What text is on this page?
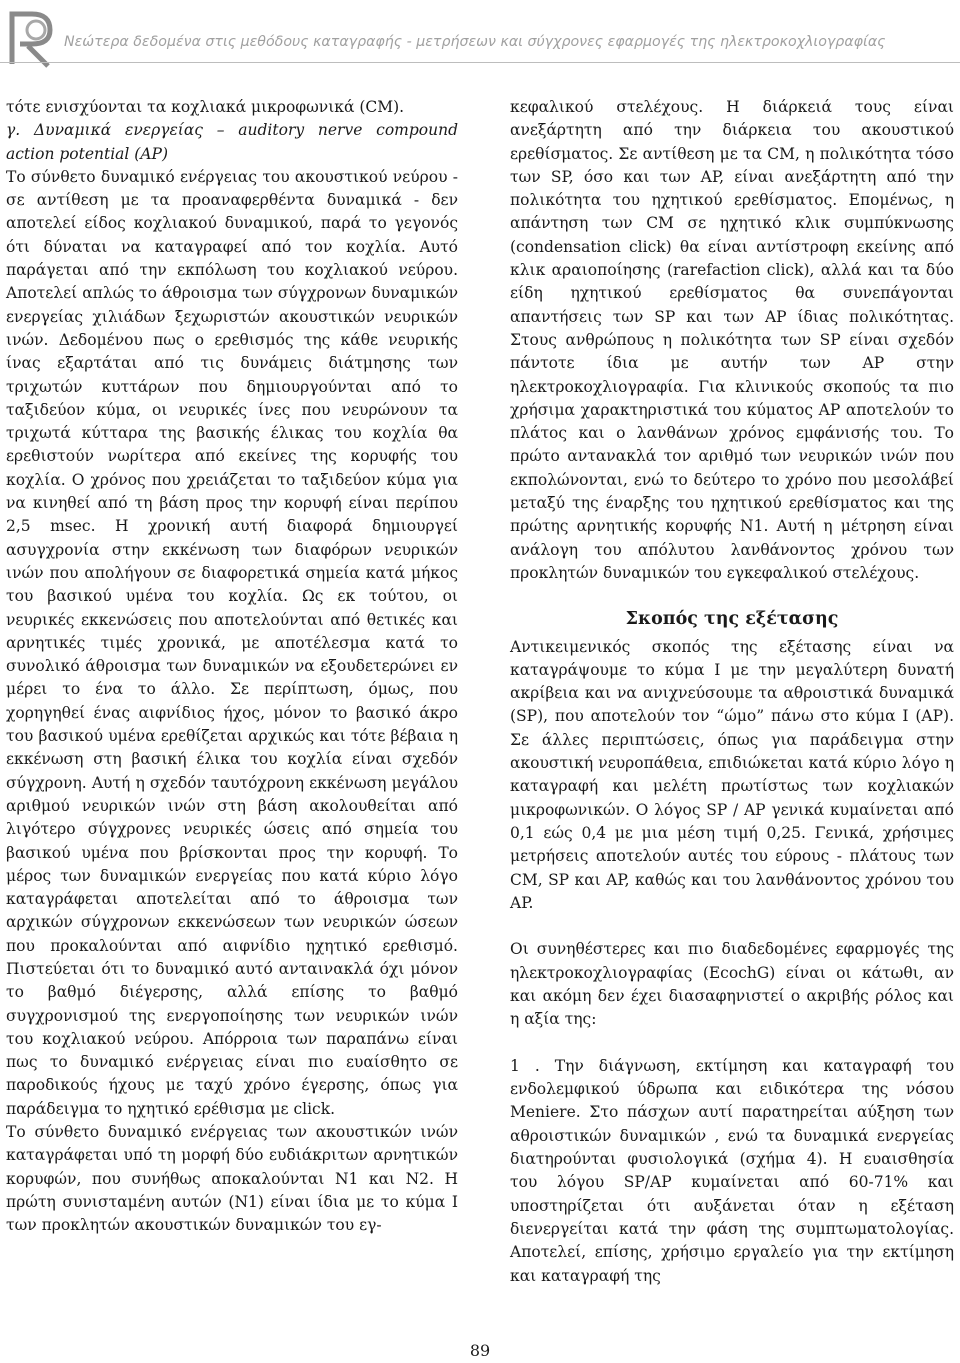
Νεώτερα δεδομένα στις μεθόδους καταγραφής - μετρήσεων και σύγχρονες εφαρμογές της ηλεκτροκοχλιογραφίας

τότε ενισχύονται τα κοχλιακά μικροφωνικά (CM).

γ. Δυναμικά ενεργείας – auditory nerve compound action potential (AP)

Το σύνθετο δυναμικό ενέργειας του ακουστικού νεύρου - σε αντίθεση με τα προαναφερθέντα δυναμικά - δεν αποτελεί είδος κοχλιακού δυναμικού, παρά το γεγονός ότι δύναται να καταγραφεί από τον κοχλία. Αυτό παράγεται από την εκπόλωση του κοχλιακού νεύρου. Αποτελεί απλώς το άθροισμα των σύγχρονων δυναμικών ενεργείας χιλιάδων ξεχωριστών ακουστικών νευρικών ινών. Δεδομένου πως ο ερεθισμός της κάθε νευρικής ίνας εξαρτάται από τις δυνάμεις διάτμησης των τριχωτών κυττάρων που δημιουργούνται από το ταξιδεύον κύμα, οι νευρικές ίνες που νευρώνουν τα τριχωτά κύτταρα της βασικής έλικας του κοχλία θα ερεθιστούν νωρίτερα από εκείνες της κορυφής του κοχλία. Ο χρόνος που χρειάζεται το ταξιδεύον κύμα για να κινηθεί από τη βάση προς την κορυφή είναι περίπου 2,5 msec. Η χρονική αυτή διαφορά δημιουργεί ασυγχρονία στην εκκένωση των διαφόρων νευρικών ινών που απολήγουν σε διαφορετικά σημεία κατά μήκος του βασικού υμένα του κοχλία. Ως εκ τούτου, οι νευρικές εκκενώσεις που αποτελούνται από θετικές και αρνητικές τιμές χρονικά, με αποτέλεσμα κατά το συνολικό άθροισμα των δυναμικών να εξουδετερώνει εν μέρει το ένα το άλλο. Σε περίπτωση, όμως, που χορηγηθεί ένας αιφνίδιος ήχος, μόνον το βασικό άκρο του βασικού υμένα ερεθίζεται αρχικώς και τότε βέβαια η εκκένωση στη βασική έλικα του κοχλία είναι σχεδόν σύγχρονη. Αυτή η σχεδόν ταυτόχρονη εκκένωση μεγάλου αριθμού νευρικών ινών στη βάση ακολουθείται από λιγότερο σύγχρονες νευρικές ώσεις από σημεία του βασικού υμένα που βρίσκονται προς την κορυφή. Το μέρος των δυναμικών ενεργείας που κατά κύριο λόγο καταγράφεται αποτελείται από το άθροισμα των αρχικών σύγχρονων εκκενώσεων των νευρικών ώσεων που προκαλούνται από αιφνίδιο ηχητικό ερεθισμό. Πιστεύεται ότι το δυναμικό αυτό ανταινακλά όχι μόνον το βαθμό διέγερσης, αλλά επίσης το βαθμό συγχρονισμού της ενεργοποίησης των νευρικών ινών του κοχλιακού νεύρου. Απόρροια των παραπάνω είναι πως το δυναμικό ενέργειας είναι πιο ευαίσθητο σε παροδικούς ήχους με ταχύ χρόνο έγερσης, όπως για παράδειγμα το ηχητικό ερέθισμα με click.

Το σύνθετο δυναμικό ενέργειας των ακουστικών ινών καταγράφεται υπό τη μορφή δύο ευδιάκριτων αρνητικών κορυφών, που συνήθως αποκαλούνται Ν1 και Ν2. Η πρώτη συνισταμένη αυτών (Ν1) είναι ίδια με το κύμα Ι των προκλητών ακουστικών δυναμικών του εγ-

κεφαλικού στελέχους. Η διάρκειά τους είναι ανεξάρτητη από την διάρκεια του ακουστικού ερεθίσματος. Σε αντίθεση με τα CM, η πολικότητα τόσο των SP, όσο και των AP, είναι ανεξάρτητη από την πολικότητα του ηχητικού ερεθίσματος. Επομένως, η απάντηση των CM σε ηχητικό κλικ συμπύκνωσης (condensation click) θα είναι αντίστροφη εκείνης από κλικ αραιοποίησης (rarefaction click), αλλά και τα δύο είδη ηχητικού ερεθίσματος θα συνεπάγονται απαντήσεις των SP και των AP ίδιας πολικότητας. Στους ανθρώπους η πολικότητα των SP είναι σχεδόν πάντοτε ίδια με αυτήν των AP στην ηλεκτροκοχλιογραφία. Για κλινικούς σκοπούς τα πιο χρήσιμα χαρακτηριστικά του κύματος AP αποτελούν το πλάτος και ο λανθάνων χρόνος εμφάνισής του. Το πρώτο αντανακλά τον αριθμό των νευρικών ινών που εκπολώνονται, ενώ το δεύτερο το χρόνο που μεσολάβεί μεταξύ της έναρξης του ηχητικού ερεθίσματος και της πρώτης αρνητικής κορυφής Ν1. Αυτή η μέτρηση είναι ανάλογη του απόλυτου λανθάνοντος χρόνου των προκλητών δυναμικών του εγκεφαλικού στελέχους.

Σκοπός της εξέτασης

Αντικειμενικός σκοπός της εξέτασης είναι να καταγράψουμε το κύμα Ι με την μεγαλύτερη δυνατή ακρίβεια και να ανιχνεύσουμε τα αθροιστικά δυναμικά (SP), που αποτελούν τον “ώμο” πάνω στο κύμα Ι (AP). Σε άλλες περιπτώσεις, όπως για παράδειγμα στην ακουστική νευροπάθεια, επιδιώκεται κατά κύριο λόγο η καταγραφή και μελέτη πρωτίστως των κοχλιακών μικροφωνικών. Ο λόγος SP / AP γενικά κυμαίνεται από 0,1 εώς 0,4 με μια μέση τιμή 0,25. Γενικά, χρήσιμες μετρήσεις αποτελούν αυτές του εύρους - πλάτους των CM, SP και AP, καθώς και του λανθάνοντος χρόνου του AP.

Οι συνηθέστερες και πιο διαδεδομένες εφαρμογές της ηλεκτροκοχλιογραφίας (EcochG) είναι οι κάτωθι, αν και ακόμη δεν έχει διασαφηνιστεί ο ακριβής ρόλος και η αξία της:

1 . Την διάγνωση, εκτίμηση και καταγραφή του ενδολεμφικού ύδρωπα και ειδικότερα της νόσου Meniere. Στο πάσχων αυτί παρατηρείται αύξηση των αθροιστικών δυναμικών , ενώ τα δυναμικά ενεργείας διατηρούνται φυσιολογικά (σχήμα 4). Η ευαισθησία του λόγου SP/AP κυμαίνεται από 60-71% και υποστηρίζεται ότι αυξάνεται όταν η εξέταση διενεργείται κατά την φάση της συμπτωματολογίας. Αποτελεί, επίσης, χρήσιμο εργαλείο για την εκτίμηση και καταγραφή της

89
